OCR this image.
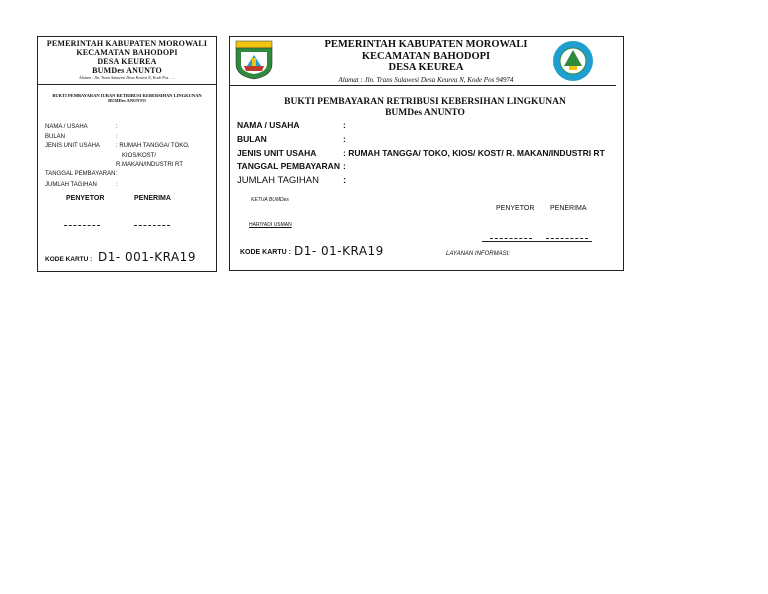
PEMERINTAH KABUPATEN MOROWALI
KECAMATAN BAHODOPI
DESA KEUREA
BUMDes ANUNTO
Alamat : Jln. Trans Sulawesi Desa Keurea N, Kode Pos …..
BUKTI PEMBAYARAN IURAN RETRIBUSI KEBERSIHAN LINGKUNAN
BUMDes ANUNTO
NAMA / USAHA	:
BULAN	:
JENIS UNIT USAHA	: RUMAH TANGGA/ TOKO,
KIOS/KOST/
R.MAKAN/INDUSTRI RT
TANGGAL PEMBAYARAN :
JUMLAH TAGIHAN	:
PENYETOR	PENERIMA
KODE KARTU : D1- 001-KRA19
PEMERINTAH KABUPATEN MOROWALI
KECAMATAN BAHODOPI
DESA KEUREA
Alamat : Jln. Trans Sulawesi Desa Keurea N, Kode Pos 94974
BUKTI PEMBAYARAN RETRIBUSI KEBERSIHAN LINGKUNAN
BUMDes ANUNTO
NAMA / USAHA	:
BULAN	:
JENIS UNIT USAHA	: RUMAH TANGGA/ TOKO, KIOS/ KOST/ R. MAKAN/INDUSTRI RT
TANGGAL PEMBAYARAN :
JUMLAH TAGIHAN	:
KETUA BUMDes
HARIYADI USMAN
PENYETOR PENERIMA
KODE KARTU : D1- 01-KRA19	LAYANAN INFORMASI:
